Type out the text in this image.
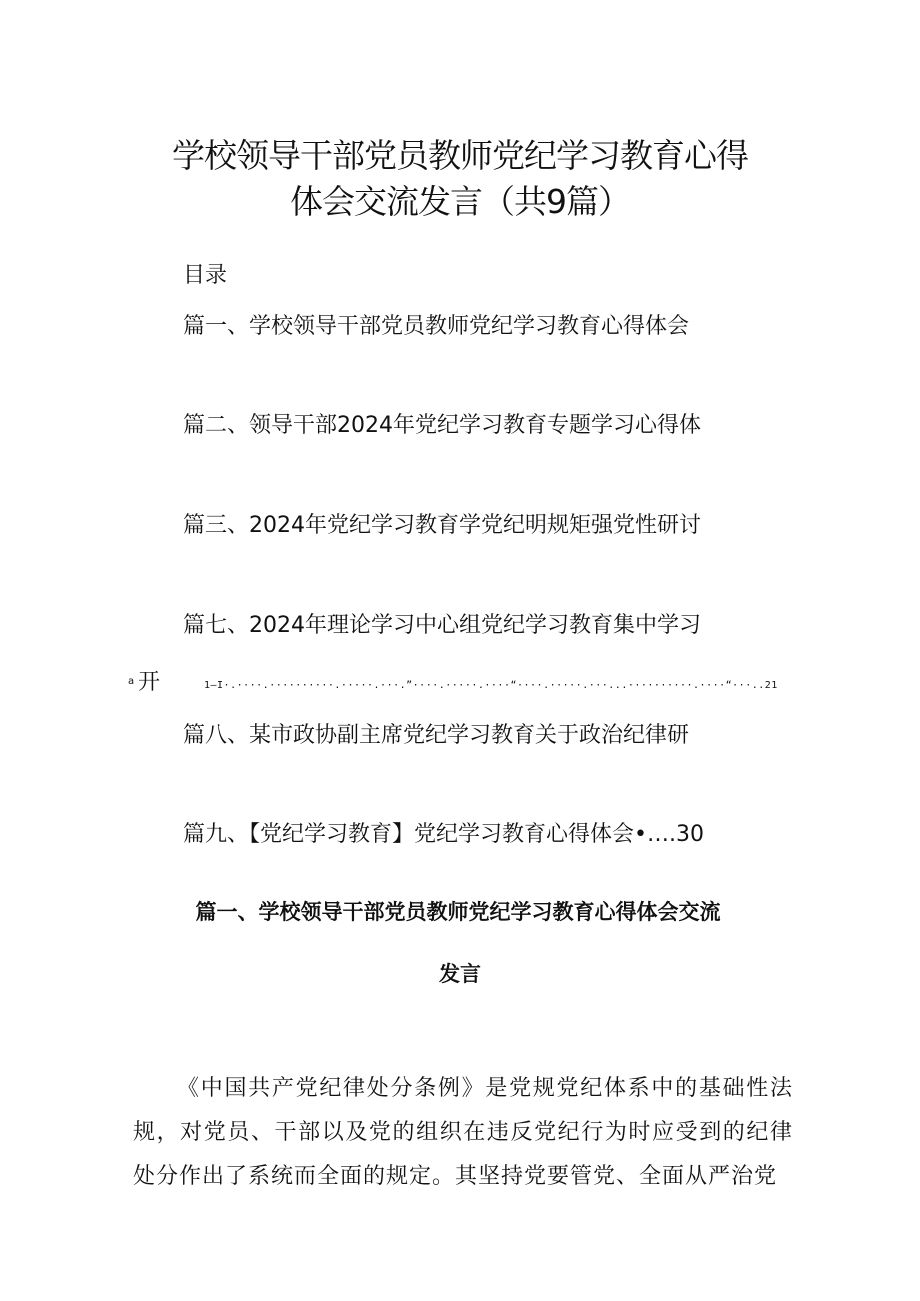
学校领导干部党员教师党纪学习教育心得
体会交流发言（共9篇）
目录
篇一、学校领导干部党员教师党纪学习教育心得体会
篇二、领导干部2024年党纪学习教育专题学习心得体
篇三、2024年党纪学习教育学党纪明规矩强党性研讨
篇七、2024年理论学习中心组党纪学习教育集中学习
a 开	1—I·.····.··········.·····.···.”····.·····.····“····.·····.···...··········.····“···..21
篇八、某市政协副主席党纪学习教育关于政治纪律研
篇九、【党纪学习教育】党纪学习教育心得体会•….30
篇一、学校领导干部党员教师党纪学习教育心得体会交流
发言

《中国共产党纪律处分条例》是党规党纪体系中的基础性法规，对党员、干部以及党的组织在违反党纪行为时应受到的纪律处分作出了系统而全面的规定。其坚持党要管党、全面从严治党
